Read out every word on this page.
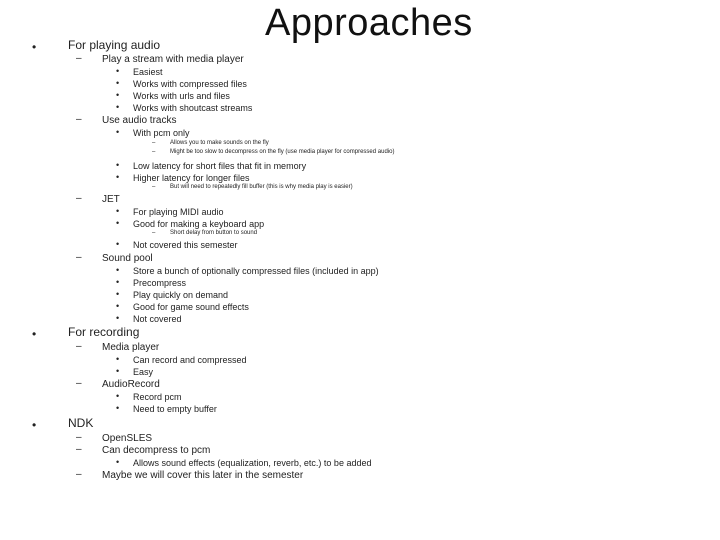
Approaches
•	For playing audio
– Play a stream with media player
• Easiest
• Works with compressed files
• Works with urls and files
• Works with shoutcast streams
– Use audio tracks
• With pcm only
– Allows you to make sounds on the fly
– Might be too slow to decompress on the fly (use media player for compressed audio)
• Low latency for short files that fit in memory
• Higher latency for longer files
– But will need to repeatedly fill buffer (this is why media play is easier)
– JET
• For playing MIDI audio
• Good for making a keyboard app
– Short delay from button to sound
• Not covered this semester
– Sound pool
• Store a bunch of optionally compressed files (included in app)
• Precompress
• Play quickly on demand
• Good for game sound effects
• Not covered
•	For recording
– Media player
• Can record and compressed
• Easy
– AudioRecord
• Record pcm
• Need to empty buffer
•	NDK
– OpenSLES
– Can decompress to pcm
• Allows sound effects (equalization, reverb, etc.) to be added
– Maybe we will cover this later in the semester
